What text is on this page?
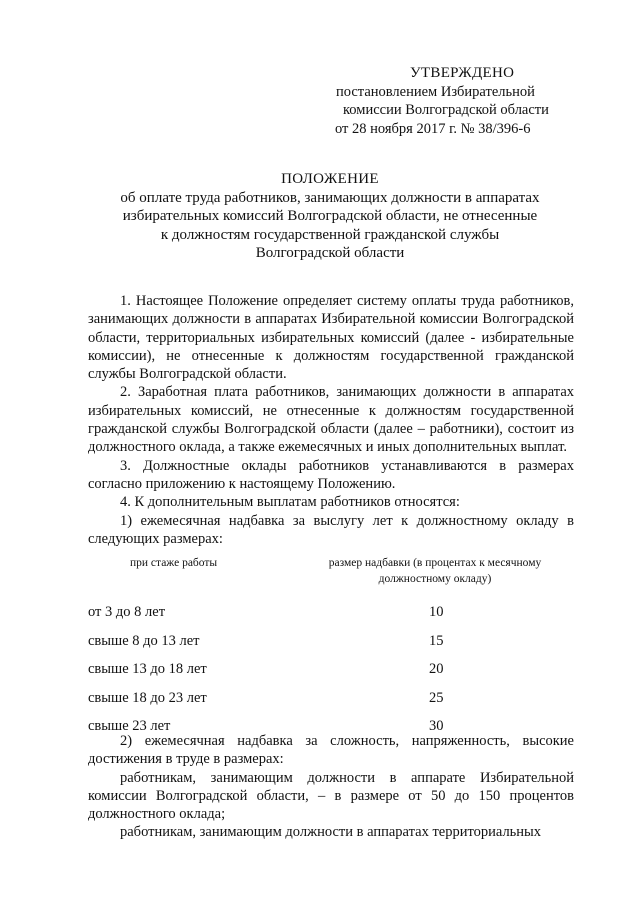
УТВЕРЖДЕНО
постановлением Избирательной
комиссии Волгоградской области
от 28 ноября 2017 г. № 38/396-6
ПОЛОЖЕНИЕ
об оплате труда работников, занимающих должности в аппаратах
избирательных комиссий Волгоградской области, не отнесенные
к должностям государственной гражданской службы
Волгоградской области

1. Настоящее Положение определяет систему оплаты труда работников, занимающих должности в аппаратах Избирательной комиссии Волгоградской области, территориальных избирательных комиссий (далее - избирательные комиссии), не отнесенные к должностям государственной гражданской службы Волгоградской области.

2. Заработная плата работников, занимающих должности в аппаратах избирательных комиссий, не отнесенные к должностям государственной гражданской службы Волгоградской области (далее – работники), состоит из должностного оклада, а также ежемесячных и иных дополнительных выплат.

3. Должностные оклады работников устанавливаются в размерах согласно приложению к настоящему Положению.

4. К дополнительным выплатам работников относятся:

1) ежемесячная надбавка за выслугу лет к должностному окладу в следующих размерах:

при стаже работы	размер надбавки (в процентах к месячному должностному окладу)
от 3 до 8 лет	10
свыше 8 до 13 лет	15
свыше 13 до 18 лет	20
свыше 18 до 23 лет	25
свыше 23 лет	30

2) ежемесячная надбавка за сложность, напряженность, высокие достижения в труде в размерах:

работникам, занимающим должности в аппарате Избирательной комиссии Волгоградской области, – в размере от 50 до 150 процентов должностного оклада;

работникам, занимающим должности в аппаратах территориальных
